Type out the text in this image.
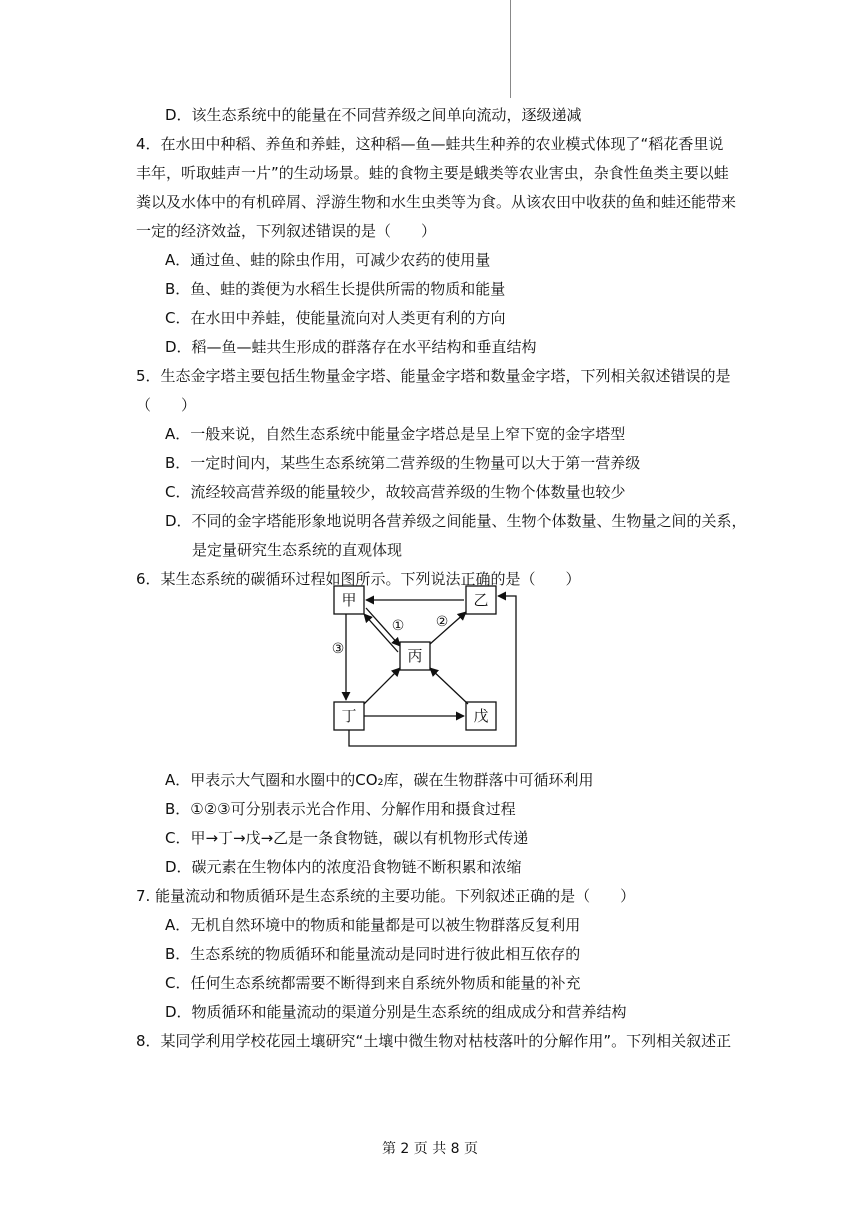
D．该生态系统中的能量在不同营养级之间单向流动，逐级递减
4．在水田中种稻、养鱼和养蛙，这种稻—鱼—蛙共生种养的农业模式体现了“稻花香里说
丰年，听取蛙声一片”的生动场景。蛙的食物主要是蛾类等农业害虫，杂食性鱼类主要以蛙
粪以及水体中的有机碎屑、浮游生物和水生虫类等为食。从该农田中收获的鱼和蛙还能带来
一定的经济效益，下列叙述错误的是（　　）
A．通过鱼、蛙的除虫作用，可减少农药的使用量
B．鱼、蛙的粪便为水稻生长提供所需的物质和能量
C．在水田中养蛙，使能量流向对人类更有利的方向
D．稻—鱼—蛙共生形成的群落存在水平结构和垂直结构
5．生态金字塔主要包括生物量金字塔、能量金字塔和数量金字塔，下列相关叙述错误的是
（　　）
A．一般来说，自然生态系统中能量金字塔总是呈上窄下宽的金字塔型
B．一定时间内，某些生态系统第二营养级的生物量可以大于第一营养级
C．流经较高营养级的能量较少，故较高营养级的生物个体数量也较少
D．不同的金字塔能形象地说明各营养级之间能量、生物个体数量、生物量之间的关系，
是定量研究生态系统的直观体现
6．某生态系统的碳循环过程如图所示。下列说法正确的是（　　）
甲	乙
丙
丁	戊
① ②
③
A．甲表示大气圈和水圈中的CO₂库，碳在生物群落中可循环利用
B．①②③可分别表示光合作用、分解作用和摄食过程
C．甲→丁→戊→乙是一条食物链，碳以有机物形式传递
D．碳元素在生物体内的浓度沿食物链不断积累和浓缩
7. 能量流动和物质循环是生态系统的主要功能。下列叙述正确的是（　　）
A．无机自然环境中的物质和能量都是可以被生物群落反复利用
B．生态系统的物质循环和能量流动是同时进行彼此相互依存的
C．任何生态系统都需要不断得到来自系统外物质和能量的补充
D．物质循环和能量流动的渠道分别是生态系统的组成成分和营养结构
8．某同学利用学校花园土壤研究“土壤中微生物对枯枝落叶的分解作用”。下列相关叙述正
第 2 页 共 8 页
